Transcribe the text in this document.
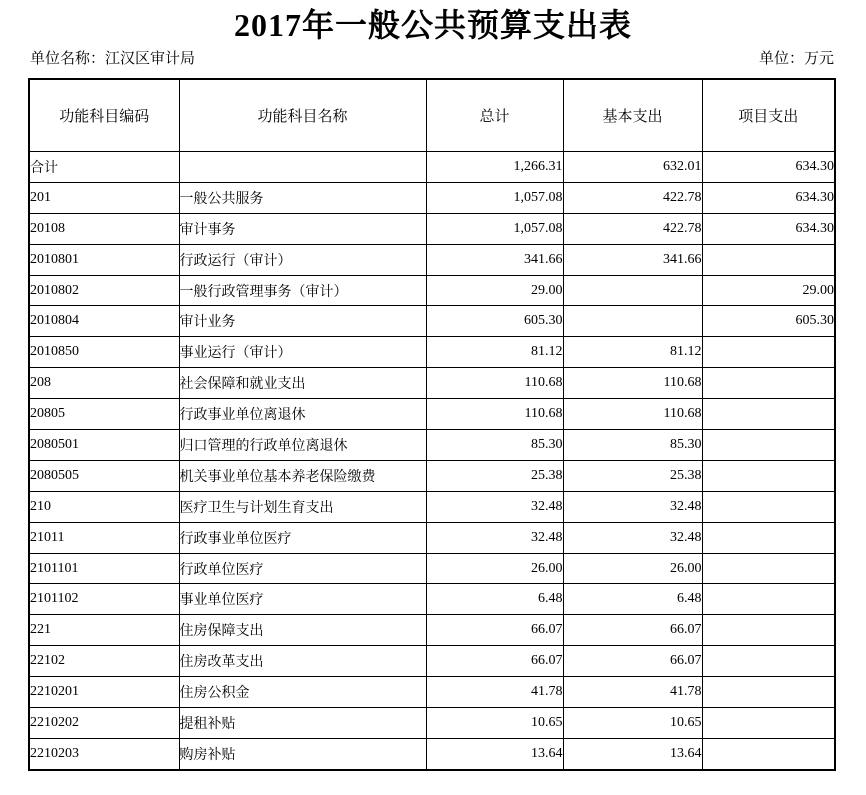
2017年一般公共预算支出表
单位名称：江汉区审计局	单位：万元
功能科目编码	功能科目名称	总计	基本支出	项目支出
合计		1,266.31	632.01	634.30
201	一般公共服务	1,057.08	422.78	634.30
20108	审计事务	1,057.08	422.78	634.30
2010801	行政运行（审计）	341.66	341.66	
2010802	一般行政管理事务（审计）	29.00		29.00
2010804	审计业务	605.30		605.30
2010850	事业运行（审计）	81.12	81.12	
208	社会保障和就业支出	110.68	110.68	
20805	行政事业单位离退休	110.68	110.68	
2080501	归口管理的行政单位离退休	85.30	85.30	
2080505	机关事业单位基本养老保险缴费	25.38	25.38	
210	医疗卫生与计划生育支出	32.48	32.48	
21011	行政事业单位医疗	32.48	32.48	
2101101	行政单位医疗	26.00	26.00	
2101102	事业单位医疗	6.48	6.48	
221	住房保障支出	66.07	66.07	
22102	住房改革支出	66.07	66.07	
2210201	住房公积金	41.78	41.78	
2210202	提租补贴	10.65	10.65	
2210203	购房补贴	13.64	13.64	
